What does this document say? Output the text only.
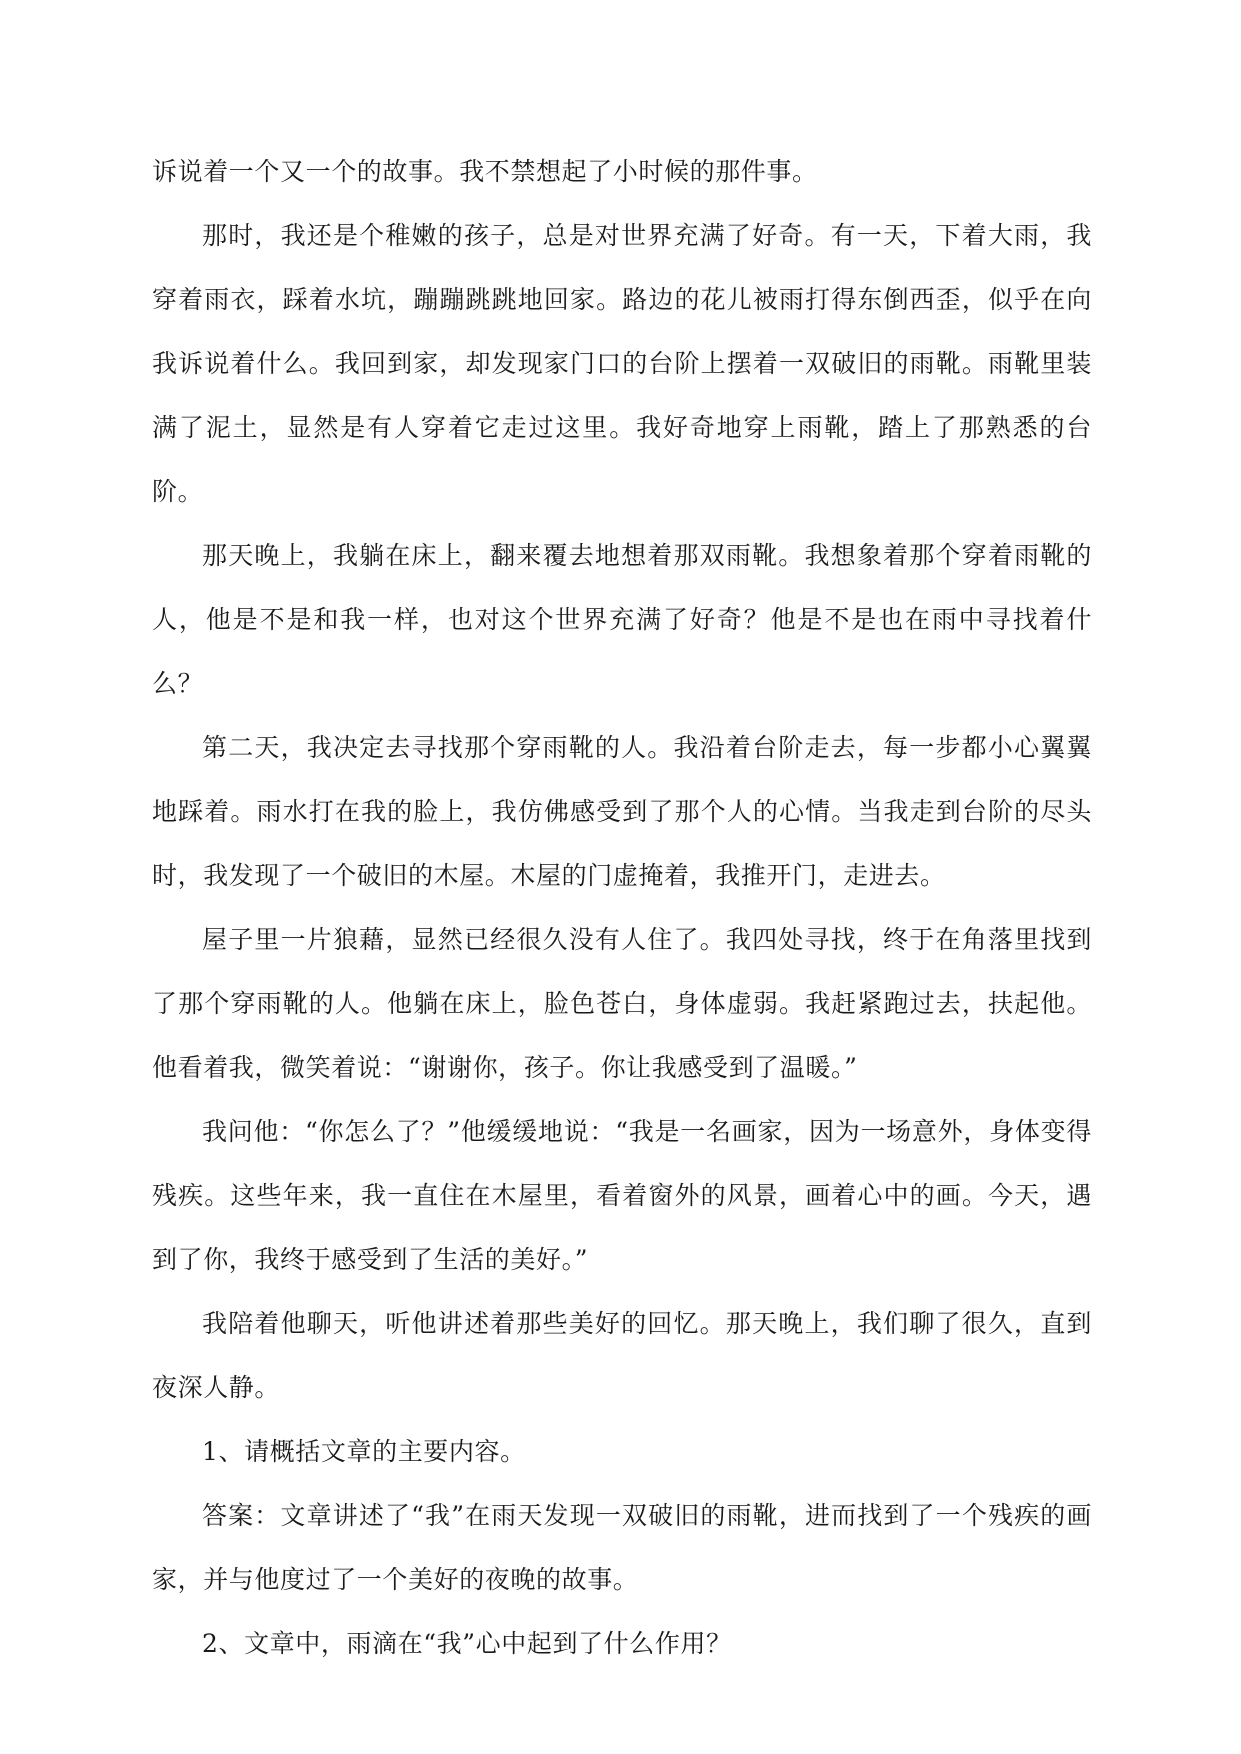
诉说着一个又一个的故事。我不禁想起了小时候的那件事。

那时，我还是个稚嫩的孩子，总是对世界充满了好奇。有一天，下着大雨，我穿着雨衣，踩着水坑，蹦蹦跳跳地回家。路边的花儿被雨打得东倒西歪，似乎在向我诉说着什么。我回到家，却发现家门口的台阶上摆着一双破旧的雨靴。雨靴里装满了泥土，显然是有人穿着它走过这里。我好奇地穿上雨靴，踏上了那熟悉的台阶。

那天晚上，我躺在床上，翻来覆去地想着那双雨靴。我想象着那个穿着雨靴的人，他是不是和我一样，也对这个世界充满了好奇？他是不是也在雨中寻找着什么？

第二天，我决定去寻找那个穿雨靴的人。我沿着台阶走去，每一步都小心翼翼地踩着。雨水打在我的脸上，我仿佛感受到了那个人的心情。当我走到台阶的尽头时，我发现了一个破旧的木屋。木屋的门虚掩着，我推开门，走进去。

屋子里一片狼藉，显然已经很久没有人住了。我四处寻找，终于在角落里找到了那个穿雨靴的人。他躺在床上，脸色苍白，身体虚弱。我赶紧跑过去，扶起他。他看着我，微笑着说：“谢谢你，孩子。你让我感受到了温暖。”

我问他：“你怎么了？”他缓缓地说：“我是一名画家，因为一场意外，身体变得残疾。这些年来，我一直住在木屋里，看着窗外的风景，画着心中的画。今天，遇到了你，我终于感受到了生活的美好。”

我陪着他聊天，听他讲述着那些美好的回忆。那天晚上，我们聊了很久，直到夜深人静。

1、请概括文章的主要内容。

答案：文章讲述了“我”在雨天发现一双破旧的雨靴，进而找到了一个残疾的画家，并与他度过了一个美好的夜晚的故事。

2、文章中，雨滴在“我”心中起到了什么作用？
